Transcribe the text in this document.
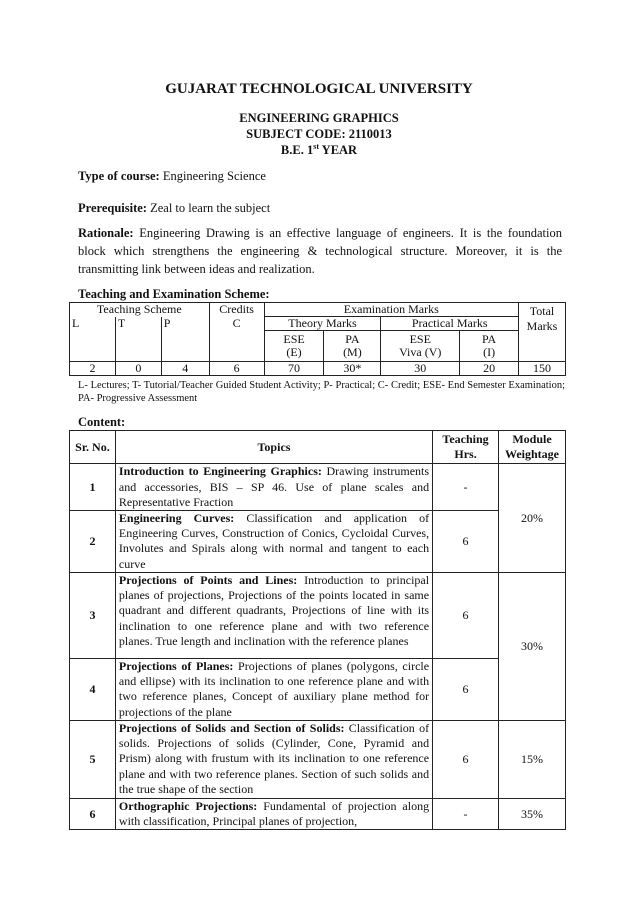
GUJARAT TECHNOLOGICAL UNIVERSITY
ENGINEERING GRAPHICS
SUBJECT CODE: 2110013
B.E. 1st YEAR
Type of course: Engineering Science
Prerequisite: Zeal to learn the subject
Rationale: Engineering Drawing is an effective language of engineers. It is the foundation block which strengthens the engineering & technological structure. Moreover, it is the transmitting link between ideas and realization.
Teaching and Examination Scheme:
Teaching Scheme			Credits	Examination Marks				Total Marks
L	T	P	C	Theory Marks		Practical Marks		
				ESE	PA	ESE	PA	
				(E)	(M)	Viva (V)	(I)	
2	0	4	6	70	30*	30	20	150
L- Lectures; T- Tutorial/Teacher Guided Student Activity; P- Practical; C- Credit; ESE- End Semester Examination; PA- Progressive Assessment
Content:
Sr. No.	Topics	Teaching Hrs.	Module Weightage
1	Introduction to Engineering Graphics: Drawing instruments and accessories, BIS – SP 46. Use of plane scales and Representative Fraction	-	20%
2	Engineering Curves: Classification and application of Engineering Curves, Construction of Conics, Cycloidal Curves, Involutes and Spirals along with normal and tangent to each curve	6	
3	Projections of Points and Lines: Introduction to principal planes of projections, Projections of the points located in same quadrant and different quadrants, Projections of line with its inclination to one reference plane and with two reference planes. True length and inclination with the reference planes	6	30%
4	Projections of Planes: Projections of planes (polygons, circle and ellipse) with its inclination to one reference plane and with two reference planes, Concept of auxiliary plane method for projections of the plane	6	
5	Projections of Solids and Section of Solids: Classification of solids. Projections of solids (Cylinder, Cone, Pyramid and Prism) along with frustum with its inclination to one reference plane and with two reference planes. Section of such solids and the true shape of the section	6	15%
6	Orthographic Projections: Fundamental of projection along with classification, Principal planes of projection,	-	35%
